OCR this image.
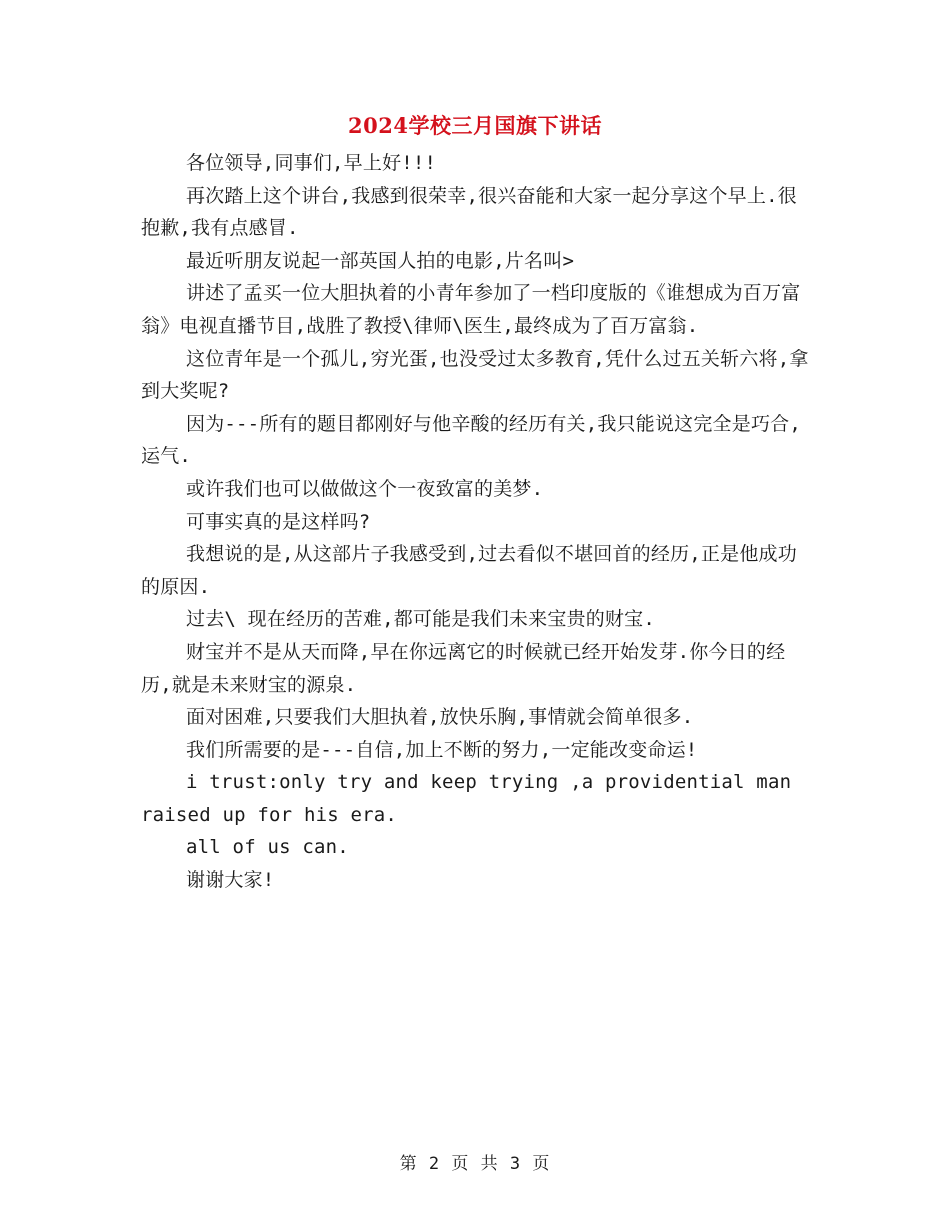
2024学校三月国旗下讲话

各位领导,同事们,早上好!!!

再次踏上这个讲台,我感到很荣幸,很兴奋能和大家一起分享这个早上.很抱歉,我有点感冒.

最近听朋友说起一部英国人拍的电影,片名叫>

讲述了孟买一位大胆执着的小青年参加了一档印度版的《谁想成为百万富翁》电视直播节目,战胜了教授\律师\医生,最终成为了百万富翁.

这位青年是一个孤儿,穷光蛋,也没受过太多教育,凭什么过五关斩六将,拿到大奖呢?

因为---所有的题目都刚好与他辛酸的经历有关,我只能说这完全是巧合,运气.

或许我们也可以做做这个一夜致富的美梦.

可事实真的是这样吗?

我想说的是,从这部片子我感受到,过去看似不堪回首的经历,正是他成功的原因.

过去\ 现在经历的苦难,都可能是我们未来宝贵的财宝.

财宝并不是从天而降,早在你远离它的时候就已经开始发芽.你今日的经历,就是未来财宝的源泉.

面对困难,只要我们大胆执着,放快乐胸,事情就会简单很多.

我们所需要的是---自信,加上不断的努力,一定能改变命运!

i trust:only try and keep trying ,a providential man raised up for his era.

all of us can.

谢谢大家!

第 2 页 共 3 页
